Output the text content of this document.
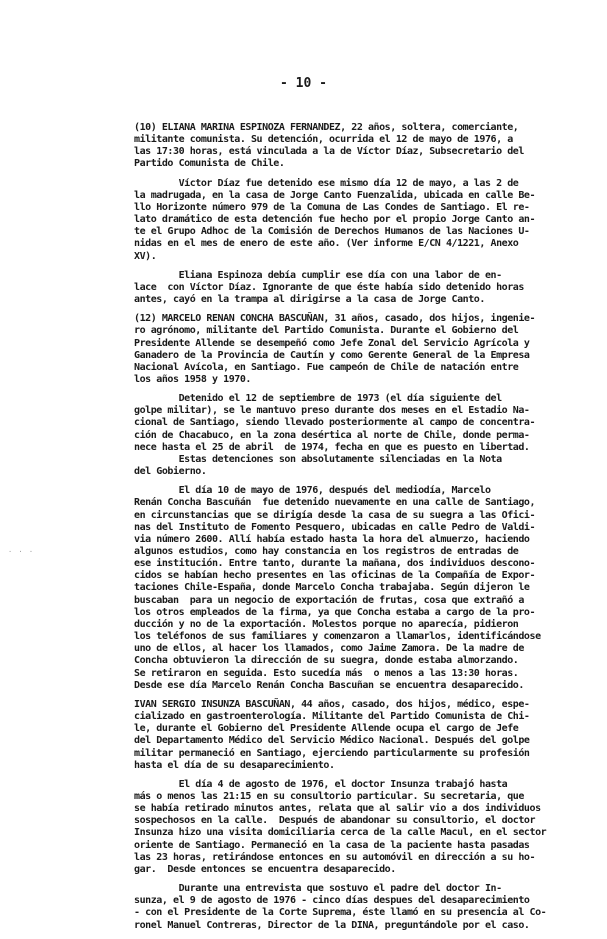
- 10 -
· · ·

(10) ELIANA MARINA ESPINOZA FERNANDEZ, 22 años, soltera, comerciante,

militante comunista. Su detención, ocurrida el 12 de mayo de 1976, a

las 17:30 horas, está vinculada a la de Víctor Díaz, Subsecretario del

Partido Comunista de Chile.

Víctor Díaz fue detenido ese mismo día 12 de mayo, a las 2 de

la madrugada, en la casa de Jorge Canto Fuenzalida, ubicada en calle Be-

llo Horizonte número 979 de la Comuna de Las Condes de Santiago. El re-

lato dramático de esta detención fue hecho por el propio Jorge Canto an-

te el Grupo Adhoc de la Comisión de Derechos Humanos de las Naciones U-

nidas en el mes de enero de este año. (Ver informe E/CN 4/1221, Anexo

XV).

Eliana Espinoza debía cumplir ese día con una labor de en-

lace  con Víctor Díaz. Ignorante de que éste había sido detenido horas

antes, cayó en la trampa al dirigirse a la casa de Jorge Canto.

(12) MARCELO RENAN CONCHA BASCUÑAN, 31 años, casado, dos hijos, ingenie-

ro agrónomo, militante del Partido Comunista. Durante el Gobierno del

Presidente Allende se desempeñó como Jefe Zonal del Servicio Agrícola y

Ganadero de la Provincia de Cautín y como Gerente General de la Empresa

Nacional Avícola, en Santiago. Fue campeón de Chile de natación entre

los años 1958 y 1970.

Detenido el 12 de septiembre de 1973 (el día siguiente del

golpe militar), se le mantuvo preso durante dos meses en el Estadio Na-

cional de Santiago, siendo llevado posteriormente al campo de concentra-

ción de Chacabuco, en la zona desértica al norte de Chile, donde perma-

nece hasta el 25 de abril  de 1974, fecha en que es puesto en libertad.

Estas detenciones son absolutamente silenciadas en la Nota

del Gobierno.

El día 10 de mayo de 1976, después del mediodía, Marcelo

Renán Concha Bascuñán  fue detenido nuevamente en una calle de Santiago,

en circunstancias que se dirigía desde la casa de su suegra a las Ofici-

nas del Instituto de Fomento Pesquero, ubicadas en calle Pedro de Valdi-

via número 2600. Allí había estado hasta la hora del almuerzo, haciendo

algunos estudios, como hay constancia en los registros de entradas de

ese institución. Entre tanto, durante la mañana, dos individuos descono-

cidos se habían hecho presentes en las oficinas de la Compañía de Expor-

taciones Chile-España, donde Marcelo Concha trabajaba. Según dijeron le

buscaban  para un negocio de exportación de frutas, cosa que extrañó a

los otros empleados de la firma, ya que Concha estaba a cargo de la pro-

ducción y no de la exportación. Molestos porque no aparecía, pidieron

los teléfonos de sus familiares y comenzaron a llamarlos, identificándose

uno de ellos, al hacer los llamados, como Jaime Zamora. De la madre de

Concha obtuvieron la dirección de su suegra, donde estaba almorzando.

Se retiraron en seguida. Esto sucedía más  o menos a las 13:30 horas.

Desde ese día Marcelo Renán Concha Bascuñan se encuentra desaparecido.

IVAN SERGIO INSUNZA BASCUÑAN, 44 años, casado, dos hijos, médico, espe-

cializado en gastroenterología. Militante del Partido Comunista de Chi-

le, durante el Gobierno del Presidente Allende ocupa el cargo de Jefe

del Departamento Médico del Servicio Médico Nacional. Después del golpe

militar permaneció en Santiago, ejerciendo particularmente su profesión

hasta el día de su desaparecimiento.

El día 4 de agosto de 1976, el doctor Insunza trabajó hasta

más o menos las 21:15 en su consultorio particular. Su secretaria, que

se había retirado minutos antes, relata que al salir vio a dos individuos

sospechosos en la calle.  Después de abandonar su consultorio, el doctor

Insunza hizo una visita domiciliaria cerca de la calle Macul, en el sector

oriente de Santiago. Permaneció en la casa de la paciente hasta pasadas

las 23 horas, retirándose entonces en su automóvil en dirección a su ho-

gar.  Desde entonces se encuentra desaparecido.

Durante una entrevista que sostuvo el padre del doctor In-

sunza, el 9 de agosto de 1976 - cinco días despues del desaparecimiento

- con el Presidente de la Corte Suprema, éste llamó en su presencia al Co-

ronel Manuel Contreras, Director de la DINA, preguntándole por el caso.
